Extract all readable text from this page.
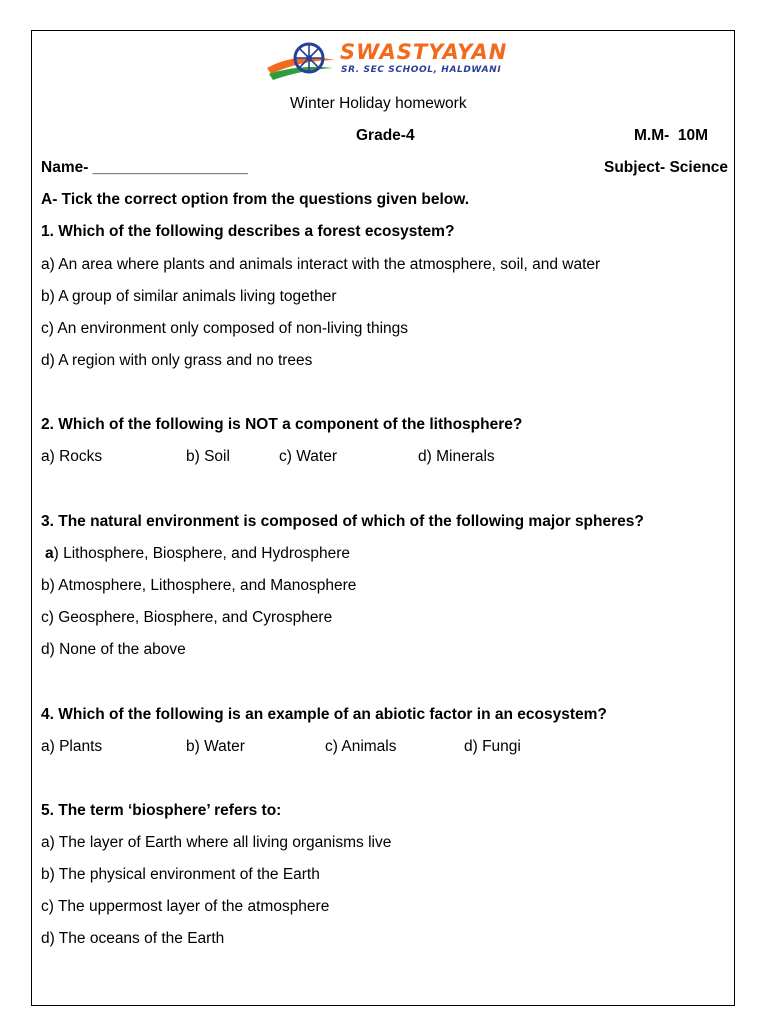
SWASTYAYAN
SR. SEC SCHOOL, HALDWANI
Winter Holiday homework
Grade-4	M.M-  10M
Name- __________________	Subject- Science
A- Tick the correct option from the questions given below.
1. Which of the following describes a forest ecosystem?
a) An area where plants and animals interact with the atmosphere, soil, and water
b) A group of similar animals living together
c) An environment only composed of non-living things
d) A region with only grass and no trees
2. Which of the following is NOT a component of the lithosphere?
a) Rocks	b) Soil	c) Water	d) Minerals
3. The natural environment is composed of which of the following major spheres?
a) Lithosphere, Biosphere, and Hydrosphere
b) Atmosphere, Lithosphere, and Manosphere
c) Geosphere, Biosphere, and Cyrosphere
d) None of the above
4. Which of the following is an example of an abiotic factor in an ecosystem?
a) Plants	b) Water	c) Animals	d) Fungi
5. The term ‘biosphere’ refers to:
a) The layer of Earth where all living organisms live
b) The physical environment of the Earth
c) The uppermost layer of the atmosphere
d) The oceans of the Earth
